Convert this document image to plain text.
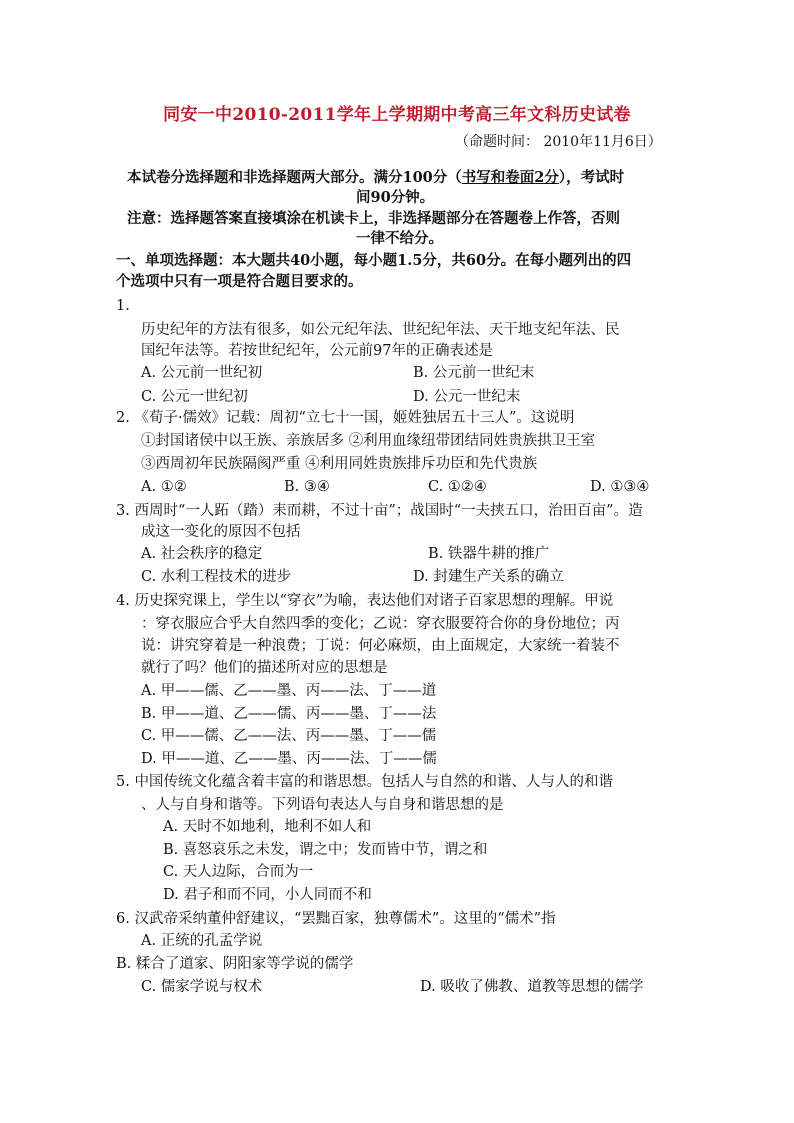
同安一中2010-2011学年上学期期中考高三年文科历史试卷
（命题时间： 2010年11月6日）
本试卷分选择题和非选择题两大部分。满分100分（书写和卷面2分），考试时
间90分钟。
注意：选择题答案直接填涂在机读卡上，非选择题部分在答题卷上作答，否则
一律不给分。
一、单项选择题：本大题共40小题，每小题1.5分，共60分。在每小题列出的四
个选项中只有一项是符合题目要求的。
1.
历史纪年的方法有很多，如公元纪年法、世纪纪年法、天干地支纪年法、民
国纪年法等。若按世纪纪年，公元前97年的正确表述是
A. 公元前一世纪初	B. 公元前一世纪末
C. 公元一世纪初	D. 公元一世纪末
2. 《荀子·儒效》记载：周初“立七十一国，姬姓独居五十三人”。这说明
①封国诸侯中以王族、亲族居多 ②利用血缘纽带团结同姓贵族拱卫王室
③西周初年民族隔阂严重 ④利用同姓贵族排斥功臣和先代贵族
A. ①②	B. ③④	C. ①②④	D. ①③④
3. 西周时“一人跖（踏）耒而耕，不过十亩”；战国时“一夫挟五口，治田百亩”。造
成这一变化的原因不包括
A. 社会秩序的稳定	B. 铁器牛耕的推广
C. 水利工程技术的进步	D. 封建生产关系的确立
4. 历史探究课上，学生以“穿衣”为喻，表达他们对诸子百家思想的理解。甲说
：穿衣服应合乎大自然四季的变化；乙说：穿衣服要符合你的身份地位；丙
说：讲究穿着是一种浪费；丁说：何必麻烦，由上面规定，大家统一着装不
就行了吗？他们的描述所对应的思想是
A. 甲——儒、乙——墨、丙——法、丁——道
B. 甲——道、乙——儒、丙——墨、丁——法
C. 甲——儒、乙——法、丙——墨、丁——儒
D. 甲——道、乙——墨、丙——法、丁——儒
5. 中国传统文化蕴含着丰富的和谐思想。包括人与自然的和谐、人与人的和谐
、人与自身和谐等。下列语句表达人与自身和谐思想的是
A. 天时不如地利，地利不如人和
B. 喜怒哀乐之未发，谓之中；发而皆中节，谓之和
C. 天人边际，合而为一
D. 君子和而不同，小人同而不和
6. 汉武帝采纳董仲舒建议，“罢黜百家，独尊儒术”。这里的“儒术”指
A. 正统的孔孟学说
B. 糅合了道家、阴阳家等学说的儒学
C. 儒家学说与权术	D. 吸收了佛教、道教等思想的儒学
